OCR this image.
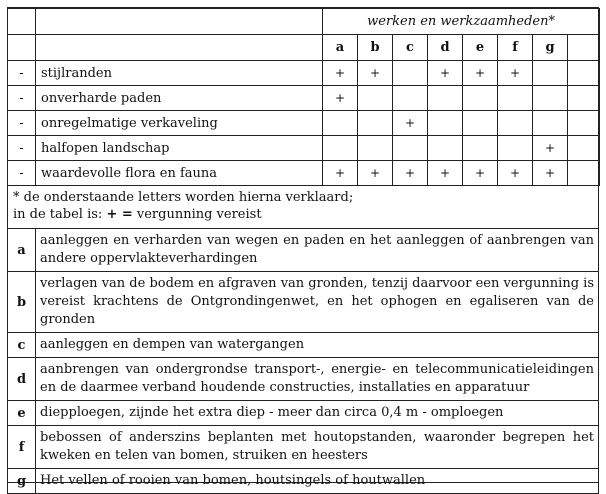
		werken en werkzaamheden*							
		a	b	c	d	e	f	g	
-	stijlranden	+	+		+	+	+		
-	onverharde paden	+							
-	onregelmatige verkaveling			+					
-	halfopen landschap							+	
-	waardevolle flora en fauna	+	+	+	+	+	+	+	
* de onderstaande letters worden hierna verklaard;
in de tabel is: + = vergunning vereist
a	aanleggen en verharden van wegen en paden en het aanleggen of aanbrengen van andere oppervlakteverhardingen
b	verlagen van de bodem en afgraven van gronden, tenzij daarvoor een vergunning is vereist krachtens de Ontgrondingenwet, en het ophogen en egaliseren van de gronden
c	aanleggen en dempen van watergangen
d	aanbrengen van ondergrondse transport-, energie- en telecommunicatieleidingen en de daarmee verband houdende constructies, installaties en apparatuur
e	diepploegen, zijnde het extra diep - meer dan circa 0,4 m - omploegen
f	bebossen of anderszins beplanten met houtopstanden, waaronder begrepen het kweken en telen van bomen, struiken en heesters
g	Het vellen of rooien van bomen, houtsingels of houtwallen
